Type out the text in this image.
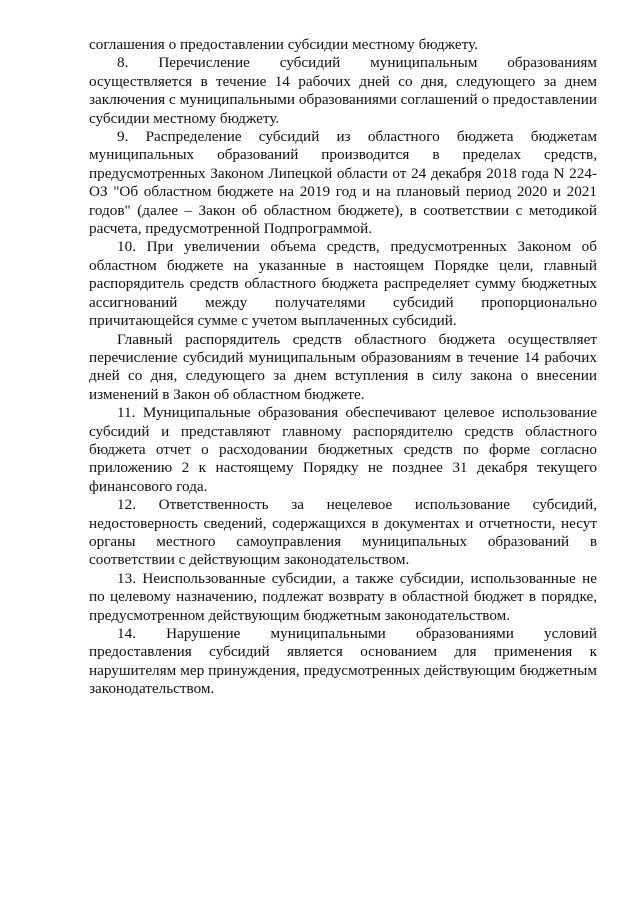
соглашения о предоставлении субсидии местному бюджету.

8. Перечисление субсидий муниципальным образованиям осуществляется в течение 14 рабочих дней со дня, следующего за днем заключения с муниципальными образованиями соглашений о предоставлении субсидии местному бюджету.

9. Распределение субсидий из областного бюджета бюджетам муниципальных образований производится в пределах средств, предусмотренных Законом Липецкой области от 24 декабря 2018 года N 224-ОЗ "Об областном бюджете на 2019 год и на плановый период 2020 и 2021 годов" (далее – Закон об областном бюджете), в соответствии с методикой расчета, предусмотренной Подпрограммой.

10. При увеличении объема средств, предусмотренных Законом об областном бюджете на указанные в настоящем Порядке цели, главный распорядитель средств областного бюджета распределяет сумму бюджетных ассигнований между получателями субсидий пропорционально причитающейся сумме с учетом выплаченных субсидий.

Главный распорядитель средств областного бюджета осуществляет перечисление субсидий муниципальным образованиям в течение 14 рабочих дней со дня, следующего за днем вступления в силу закона о внесении изменений в Закон об областном бюджете.

11. Муниципальные образования обеспечивают целевое использование субсидий и представляют главному распорядителю средств областного бюджета отчет о расходовании бюджетных средств по форме согласно приложению 2 к настоящему Порядку не позднее 31 декабря текущего финансового года.

12. Ответственность за нецелевое использование субсидий, недостоверность сведений, содержащихся в документах и отчетности, несут органы местного самоуправления муниципальных образований в соответствии с действующим законодательством.

13. Неиспользованные субсидии, а также субсидии, использованные не по целевому назначению, подлежат возврату в областной бюджет в порядке, предусмотренном действующим бюджетным законодательством.

14. Нарушение муниципальными образованиями условий предоставления субсидий является основанием для применения к нарушителям мер принуждения, предусмотренных действующим бюджетным законодательством.
